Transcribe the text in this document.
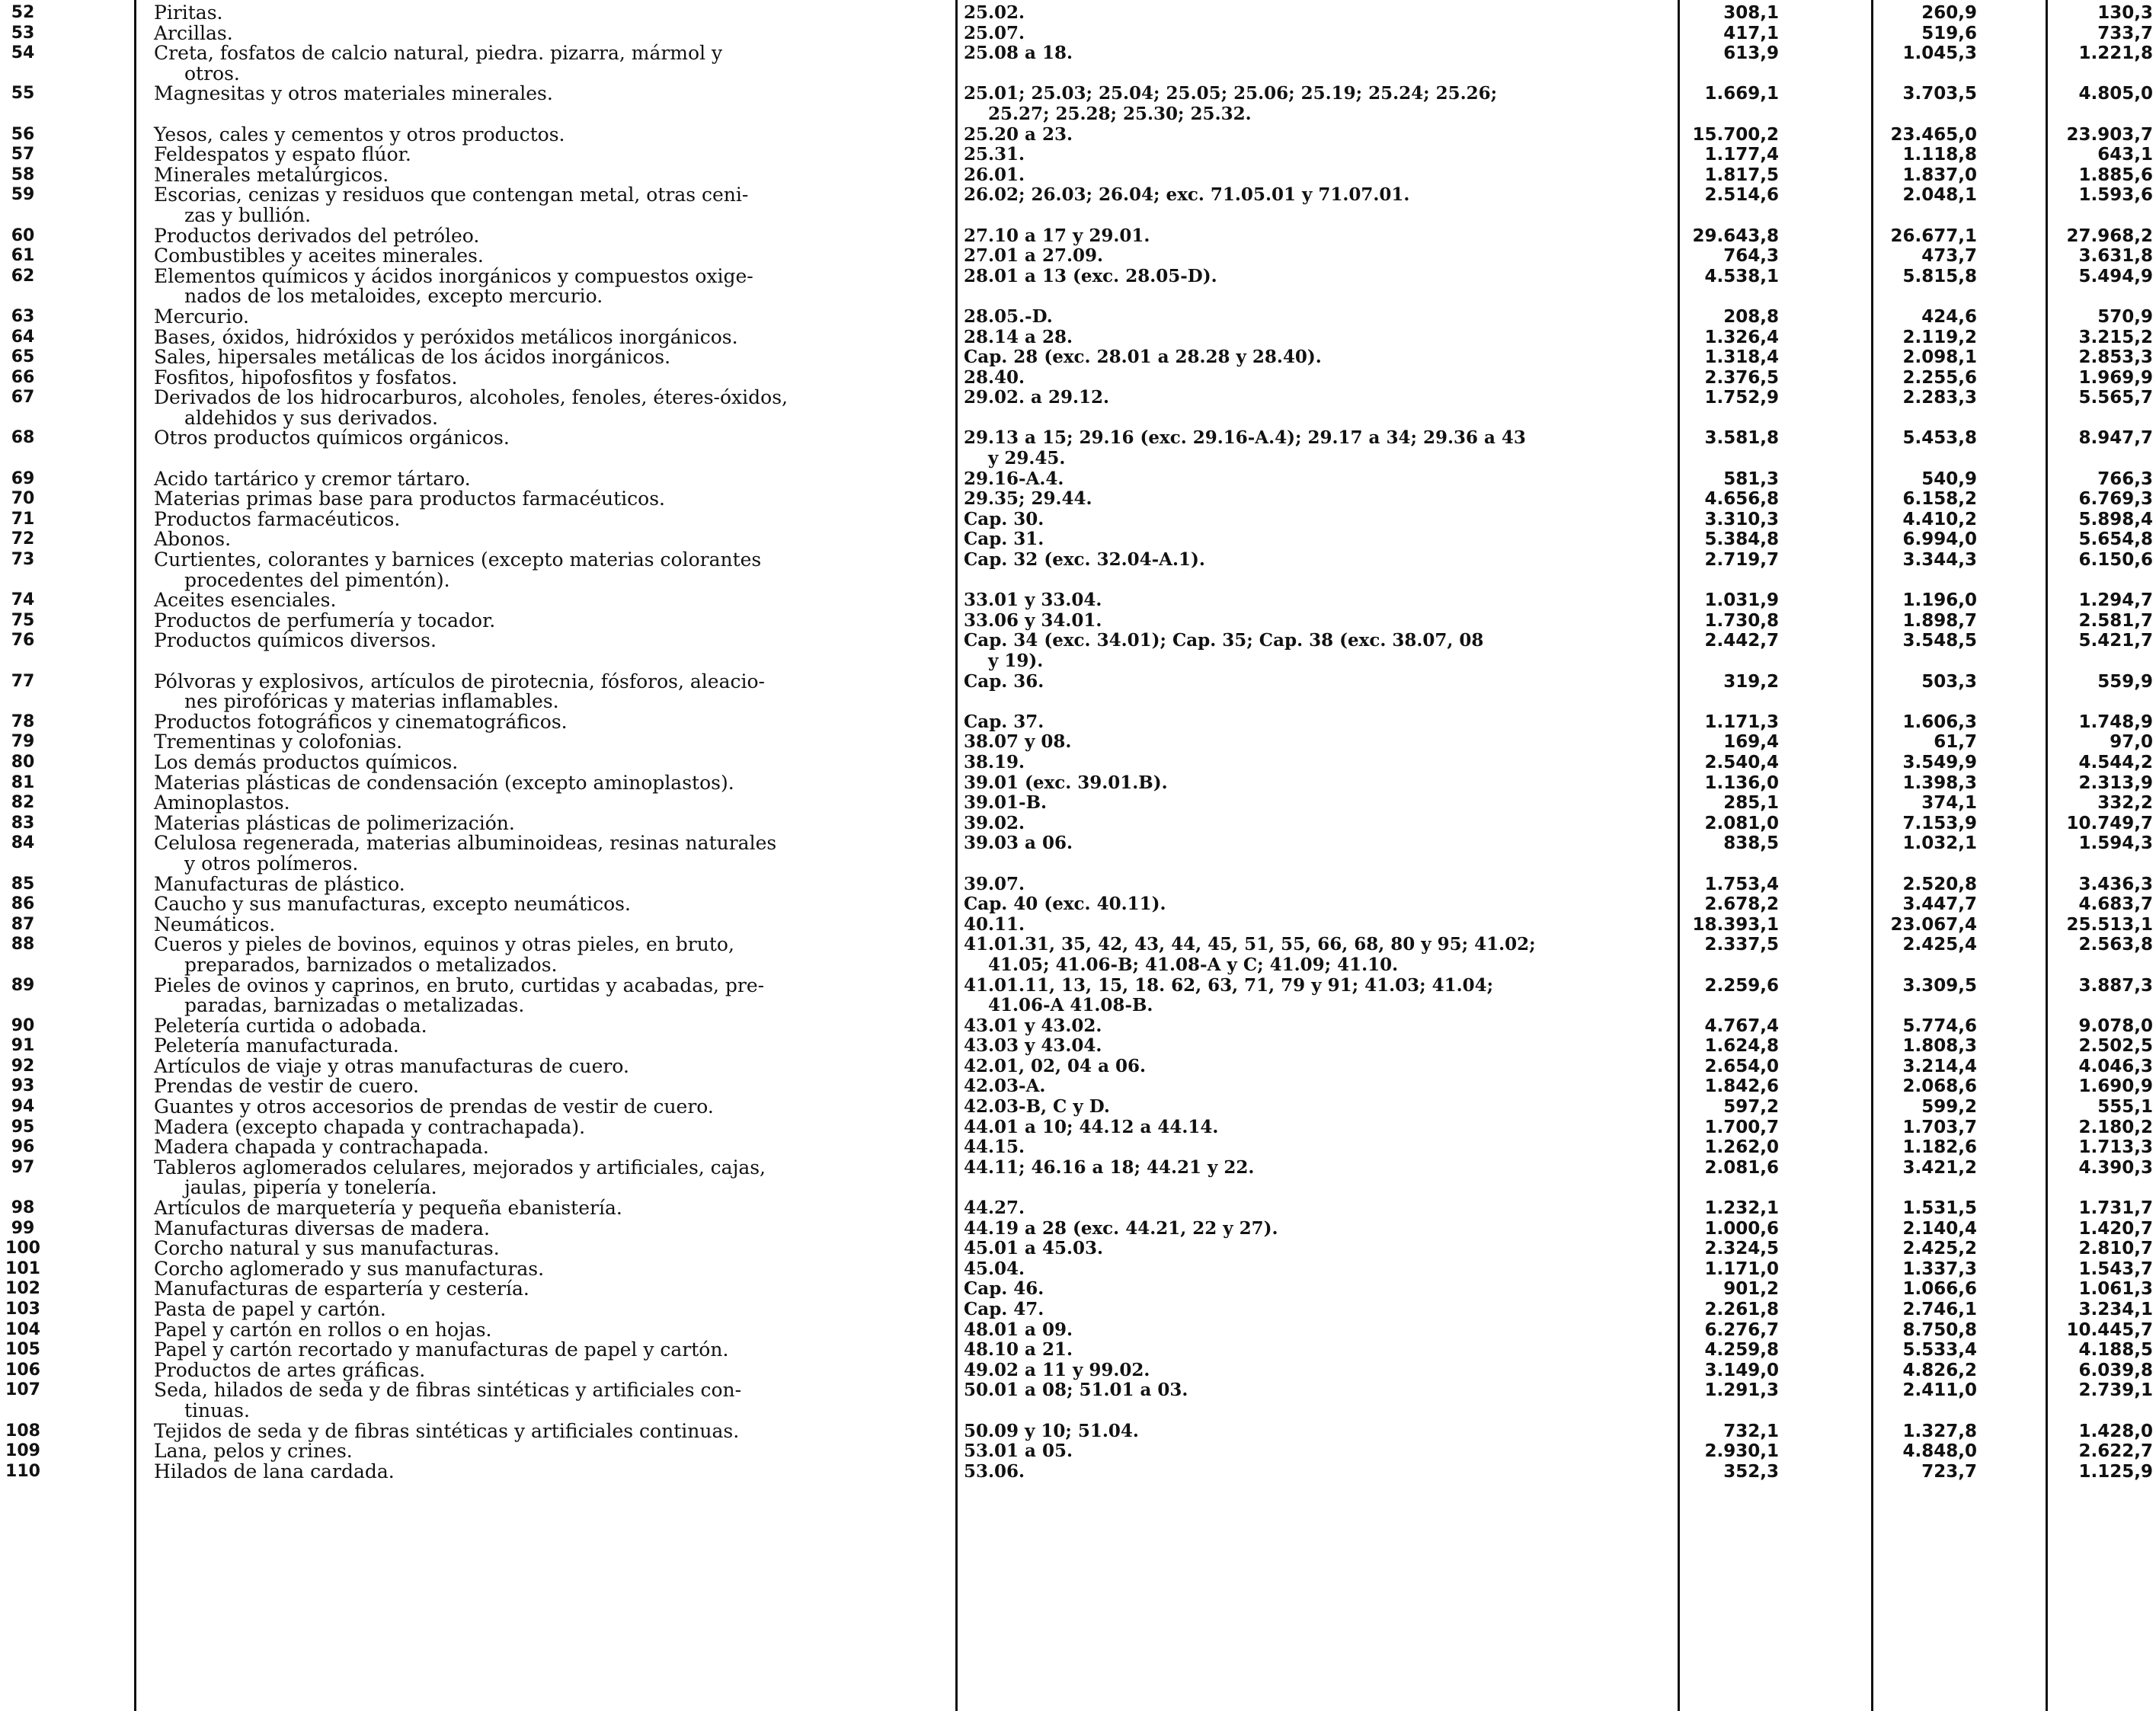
52	Piritas.	25.02.	308,1	260,9	130,3
53	Arcillas.	25.07.	417,1	519,6	733,7
54	Creta, fosfatos de calcio natural, piedra. pizarra, mármol y
otros.
25.08 a 18.	613,9	1.045,3	1.221,8
55	Magnesitas y otros materiales minerales.	25.01; 25.03; 25.04; 25.05; 25.06; 25.19; 25.24; 25.26;
25.27; 25.28; 25.30; 25.32.
1.669,1	3.703,5	4.805,0
56	Yesos, cales y cementos y otros productos.	25.20 a 23.	15.700,2	23.465,0	23.903,7
57	Feldespatos y espato flúor.	25.31.	1.177,4	1.118,8	643,1
58	Minerales metalúrgicos.	26.01.	1.817,5	1.837,0	1.885,6
59	Escorias, cenizas y residuos que contengan metal, otras ceni-
zas y bullión.
26.02; 26.03; 26.04; exc. 71.05.01 y 71.07.01.	2.514,6	2.048,1	1.593,6
60	Productos derivados del petróleo.	27.10 a 17 y 29.01.	29.643,8	26.677,1	27.968,2
61	Combustibles y aceites minerales.	27.01 a 27.09.	764,3	473,7	3.631,8
62	Elementos químicos y ácidos inorgánicos y compuestos oxige-
nados de los metaloides, excepto mercurio.
28.01 a 13 (exc. 28.05-D).	4.538,1	5.815,8	5.494,9
63	Mercurio.	28.05.-D.	208,8	424,6	570,9
64	Bases, óxidos, hidróxidos y peróxidos metálicos inorgánicos.	28.14 a 28.	1.326,4	2.119,2	3.215,2
65	Sales, hipersales metálicas de los ácidos inorgánicos.	Cap. 28 (exc. 28.01 a 28.28 y 28.40).	1.318,4	2.098,1	2.853,3
66	Fosfitos, hipofosfitos y fosfatos.	28.40.	2.376,5	2.255,6	1.969,9
67	Derivados de los hidrocarburos, alcoholes, fenoles, éteres-óxidos,
aldehidos y sus derivados.
29.02. a 29.12.	1.752,9	2.283,3	5.565,7
68	Otros productos químicos orgánicos.	29.13 a 15; 29.16 (exc. 29.16-A.4); 29.17 a 34; 29.36 a 43
y 29.45.
3.581,8	5.453,8	8.947,7
69	Acido tartárico y cremor tártaro.	29.16-A.4.	581,3	540,9	766,3
70	Materias primas base para productos farmacéuticos.	29.35; 29.44.	4.656,8	6.158,2	6.769,3
71	Productos farmacéuticos.	Cap. 30.	3.310,3	4.410,2	5.898,4
72	Abonos.	Cap. 31.	5.384,8	6.994,0	5.654,8
73	Curtientes, colorantes y barnices (excepto materias colorantes
procedentes del pimentón).
Cap. 32 (exc. 32.04-A.1).	2.719,7	3.344,3	6.150,6
74	Aceites esenciales.	33.01 y 33.04.	1.031,9	1.196,0	1.294,7
75	Productos de perfumería y tocador.	33.06 y 34.01.	1.730,8	1.898,7	2.581,7
76	Productos químicos diversos.	Cap. 34 (exc. 34.01); Cap. 35; Cap. 38 (exc. 38.07, 08
y 19).
2.442,7	3.548,5	5.421,7
77	Pólvoras y explosivos, artículos de pirotecnia, fósforos, aleacio-
nes pirofóricas y materias inflamables.
Cap. 36.	319,2	503,3	559,9
78	Productos fotográficos y cinematográficos.	Cap. 37.	1.171,3	1.606,3	1.748,9
79	Trementinas y colofonias.	38.07 y 08.	169,4	61,7	97,0
80	Los demás productos químicos.	38.19.	2.540,4	3.549,9	4.544,2
81	Materias plásticas de condensación (excepto aminoplastos).	39.01 (exc. 39.01.B).	1.136,0	1.398,3	2.313,9
82	Aminoplastos.	39.01-B.	285,1	374,1	332,2
83	Materias plásticas de polimerización.	39.02.	2.081,0	7.153,9	10.749,7
84	Celulosa regenerada, materias albuminoideas, resinas naturales
y otros polímeros.
39.03 a 06.	838,5	1.032,1	1.594,3
85	Manufacturas de plástico.	39.07.	1.753,4	2.520,8	3.436,3
86	Caucho y sus manufacturas, excepto neumáticos.	Cap. 40 (exc. 40.11).	2.678,2	3.447,7	4.683,7
87	Neumáticos.	40.11.	18.393,1	23.067,4	25.513,1
88	Cueros y pieles de bovinos, equinos y otras pieles, en bruto,
preparados, barnizados o metalizados.
41.01.31, 35, 42, 43, 44, 45, 51, 55, 66, 68, 80 y 95; 41.02;
41.05; 41.06-B; 41.08-A y C; 41.09; 41.10.
2.337,5	2.425,4	2.563,8
89	Pieles de ovinos y caprinos, en bruto, curtidas y acabadas, pre-
paradas, barnizadas o metalizadas.
41.01.11, 13, 15, 18. 62, 63, 71, 79 y 91; 41.03; 41.04;
41.06-A 41.08-B.
2.259,6	3.309,5	3.887,3
90	Peletería curtida o adobada.	43.01 y 43.02.	4.767,4	5.774,6	9.078,0
91	Peletería manufacturada.	43.03 y 43.04.	1.624,8	1.808,3	2.502,5
92	Artículos de viaje y otras manufacturas de cuero.	42.01, 02, 04 a 06.	2.654,0	3.214,4	4.046,3
93	Prendas de vestir de cuero.	42.03-A.	1.842,6	2.068,6	1.690,9
94	Guantes y otros accesorios de prendas de vestir de cuero.	42.03-B, C y D.	597,2	599,2	555,1
95	Madera (excepto chapada y contrachapada).	44.01 a 10; 44.12 a 44.14.	1.700,7	1.703,7	2.180,2
96	Madera chapada y contrachapada.	44.15.	1.262,0	1.182,6	1.713,3
97	Tableros aglomerados celulares, mejorados y artificiales, cajas,
jaulas, pipería y tonelería.
44.11; 46.16 a 18; 44.21 y 22.	2.081,6	3.421,2	4.390,3
98	Artículos de marquetería y pequeña ebanistería.	44.27.	1.232,1	1.531,5	1.731,7
99	Manufacturas diversas de madera.	44.19 a 28 (exc. 44.21, 22 y 27).	1.000,6	2.140,4	1.420,7
100	Corcho natural y sus manufacturas.	45.01 a 45.03.	2.324,5	2.425,2	2.810,7
101	Corcho aglomerado y sus manufacturas.	45.04.	1.171,0	1.337,3	1.543,7
102	Manufacturas de espartería y cestería.	Cap. 46.	901,2	1.066,6	1.061,3
103	Pasta de papel y cartón.	Cap. 47.	2.261,8	2.746,1	3.234,1
104	Papel y cartón en rollos o en hojas.	48.01 a 09.	6.276,7	8.750,8	10.445,7
105	Papel y cartón recortado y manufacturas de papel y cartón.	48.10 a 21.	4.259,8	5.533,4	4.188,5
106	Productos de artes gráficas.	49.02 a 11 y 99.02.	3.149,0	4.826,2	6.039,8
107	Seda, hilados de seda y de fibras sintéticas y artificiales con-
tinuas.
50.01 a 08; 51.01 a 03.	1.291,3	2.411,0	2.739,1
108	Tejidos de seda y de fibras sintéticas y artificiales continuas.	50.09 y 10; 51.04.	732,1	1.327,8	1.428,0
109	Lana, pelos y crines.	53.01 a 05.	2.930,1	4.848,0	2.622,7
110	Hilados de lana cardada.	53.06.	352,3	723,7	1.125,9
